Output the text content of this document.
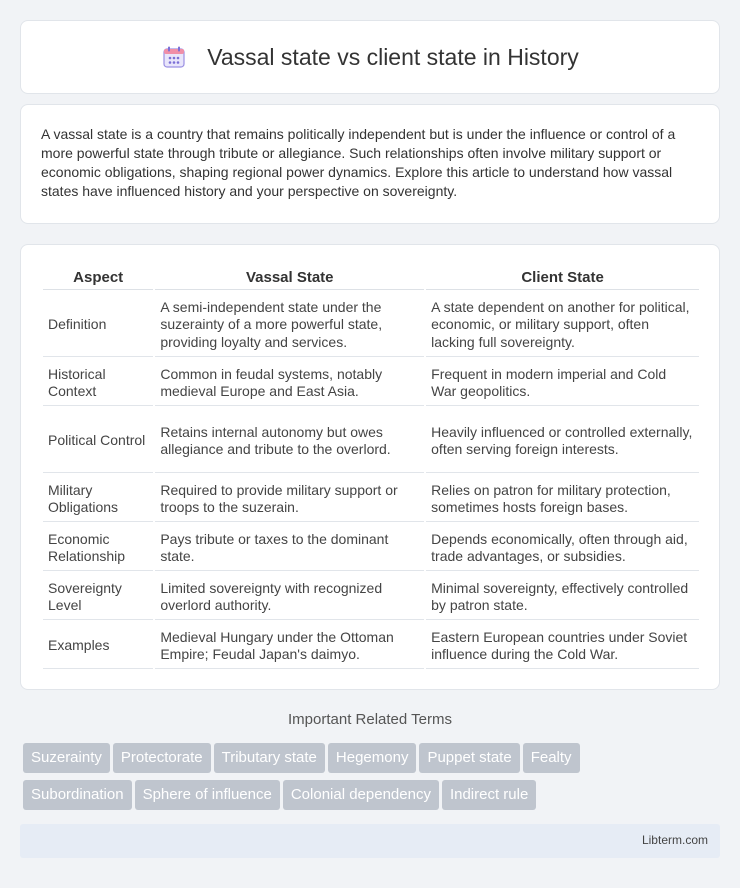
Vassal state vs client state in History

A vassal state is a country that remains politically independent but is under the influence or control of a more powerful state through tribute or allegiance. Such relationships often involve military support or economic obligations, shaping regional power dynamics. Explore this article to understand how vassal states have influenced history and your perspective on sovereignty.

Aspect	Vassal State	Client State
Definition	A semi-independent state under the suzerainty of a more powerful state, providing loyalty and services.	A state dependent on another for political, economic, or military support, often lacking full sovereignty.
Historical Context	Common in feudal systems, notably medieval Europe and East Asia.	Frequent in modern imperial and Cold War geopolitics.
Political Control	Retains internal autonomy but owes allegiance and tribute to the overlord.	Heavily influenced or controlled externally, often serving foreign interests.
Military Obligations	Required to provide military support or troops to the suzerain.	Relies on patron for military protection, sometimes hosts foreign bases.
Economic Relationship	Pays tribute or taxes to the dominant state.	Depends economically, often through aid, trade advantages, or subsidies.
Sovereignty Level	Limited sovereignty with recognized overlord authority.	Minimal sovereignty, effectively controlled by patron state.
Examples	Medieval Hungary under the Ottoman Empire; Feudal Japan's daimyo.	Eastern European countries under Soviet influence during the Cold War.
Important Related Terms
Suzerainty Protectorate Tributary state Hegemony Puppet state Fealty
Subordination Sphere of influence Colonial dependency Indirect rule
Libterm.com
